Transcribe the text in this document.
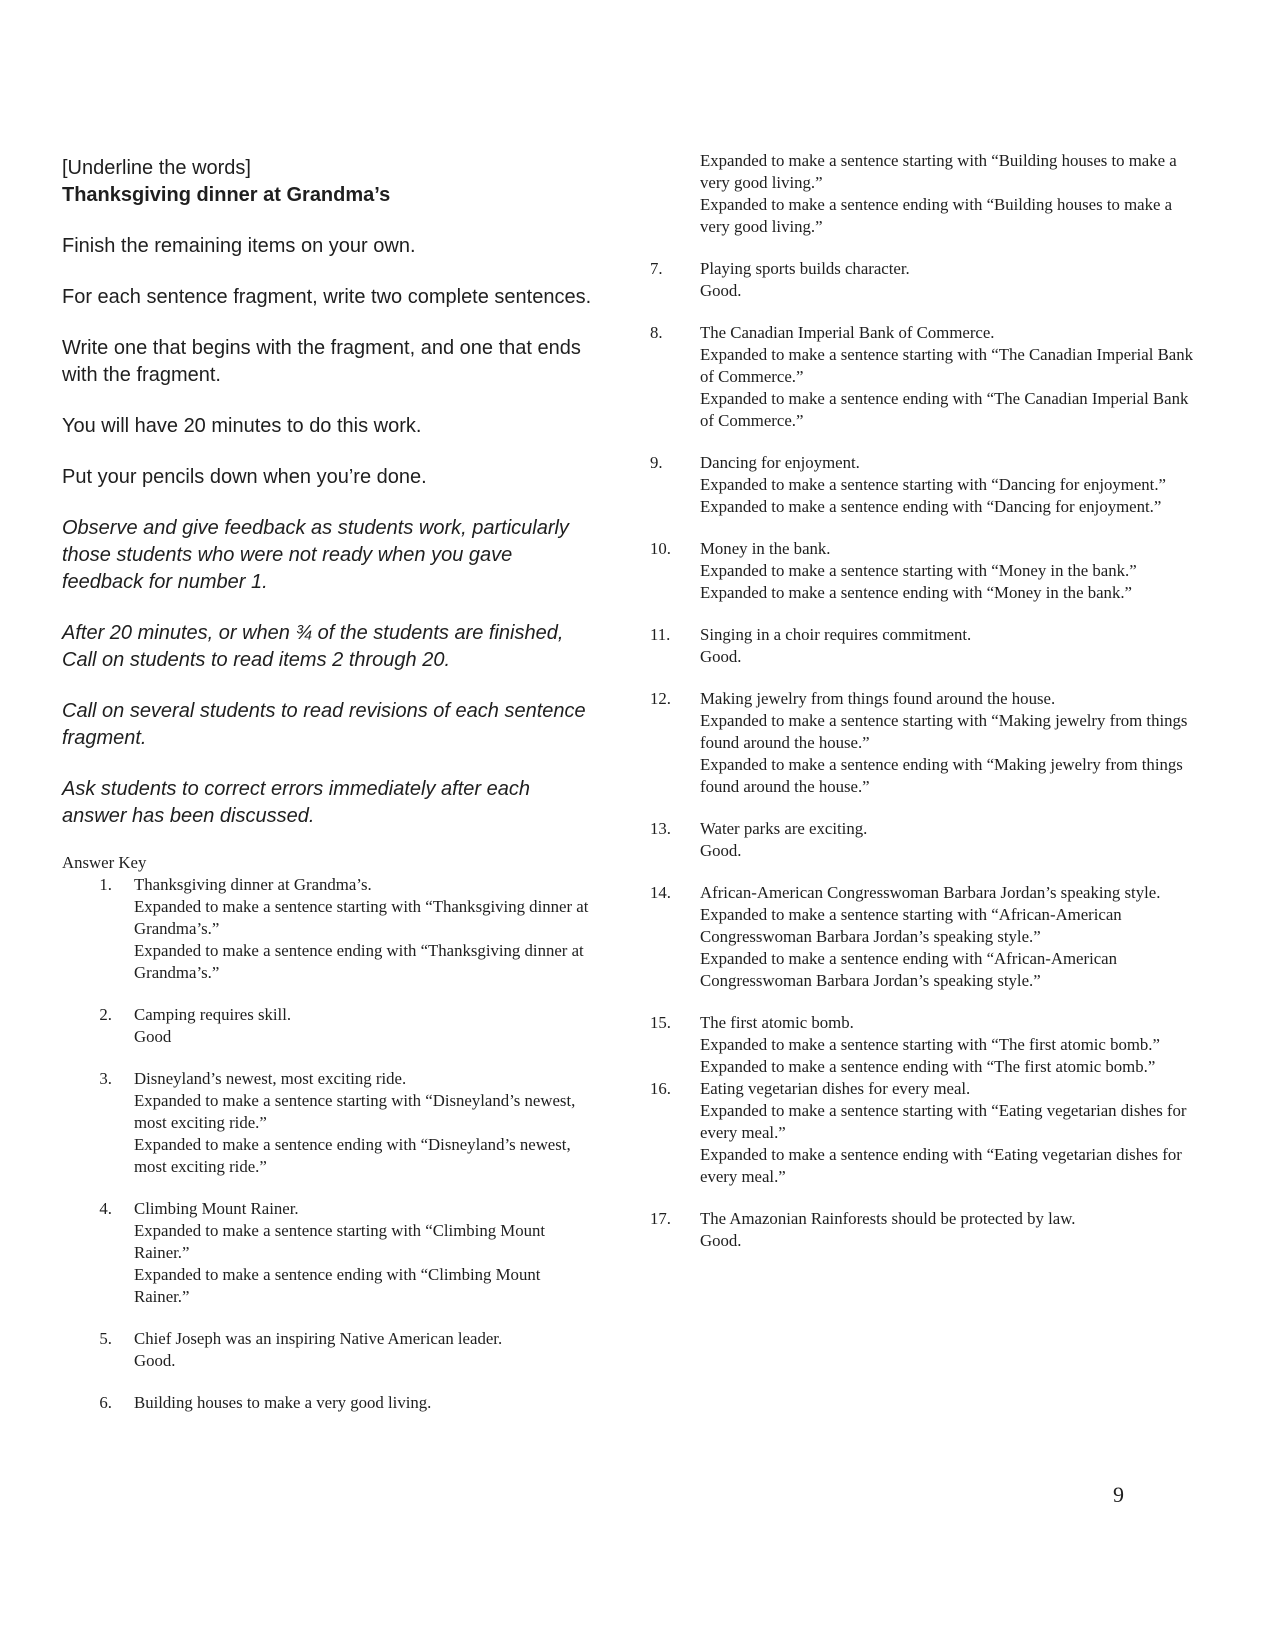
[Underline the words]

Thanksgiving dinner at Grandma’s

Finish the remaining items on your own.

For each sentence fragment, write two complete sentences.

Write one that begins with the fragment, and one that ends with the fragment.

You will have 20 minutes to do this work.

Put your pencils down when you’re done.

Observe and give feedback as students work, particularly those students who were not ready when you gave feedback for number 1.

After 20 minutes, or when ¾ of the students are finished, Call on students to read items 2 through 20.

Call on several students to read revisions of each sentence fragment.

Ask students to correct errors immediately after each answer has been discussed.

Answer Key

1. Thanksgiving dinner at Grandma’s.
Expanded to make a sentence starting with “Thanksgiving dinner at Grandma’s.”
Expanded to make a sentence ending with “Thanksgiving dinner at Grandma’s.”
2. Camping requires skill.
Good
3. Disneyland’s newest, most exciting ride.
Expanded to make a sentence starting with “Disneyland’s newest, most exciting ride.”
Expanded to make a sentence ending with “Disneyland’s newest, most exciting ride.”
4. Climbing Mount Rainer.
Expanded to make a sentence starting with “Climbing Mount Rainer.”
Expanded to make a sentence ending with “Climbing Mount Rainer.”
5. Chief Joseph was an inspiring Native American leader.
Good.
6. Building houses to make a very good living.
Expanded to make a sentence starting with “Building houses to make a very good living.”
Expanded to make a sentence ending with “Building houses to make a very good living.”
7.	Playing sports builds character.
Good.
8.	The Canadian Imperial Bank of Commerce.
Expanded to make a sentence starting with “The Canadian Imperial Bank of Commerce.”
Expanded to make a sentence ending with “The Canadian Imperial Bank of Commerce.”
9.	Dancing for enjoyment.
Expanded to make a sentence starting with “Dancing for enjoyment.”
Expanded to make a sentence ending with “Dancing for enjoyment.”
10.	Money in the bank.
Expanded to make a sentence starting with “Money in the bank.”
Expanded to make a sentence ending with “Money in the bank.”
11.	Singing in a choir requires commitment.
Good.
12.	Making jewelry from things found around the house.
Expanded to make a sentence starting with “Making jewelry from things found around the house.”
Expanded to make a sentence ending with “Making jewelry from things found around the house.”
13.	Water parks are exciting.
Good.
14.	African-American Congresswoman Barbara Jordan’s speaking style.
Expanded to make a sentence starting with “African-American Congresswoman Barbara Jordan’s speaking style.”
Expanded to make a sentence ending with “African-American Congresswoman Barbara Jordan’s speaking style.”
15.	The first atomic bomb.
Expanded to make a sentence starting with “The first atomic bomb.”
Expanded to make a sentence ending with “The first atomic bomb.”
16.	Eating vegetarian dishes for every meal.
Expanded to make a sentence starting with “Eating vegetarian dishes for every meal.”
Expanded to make a sentence ending with “Eating vegetarian dishes for every meal.”
17.	The Amazonian Rainforests should be protected by law.
Good.
9
